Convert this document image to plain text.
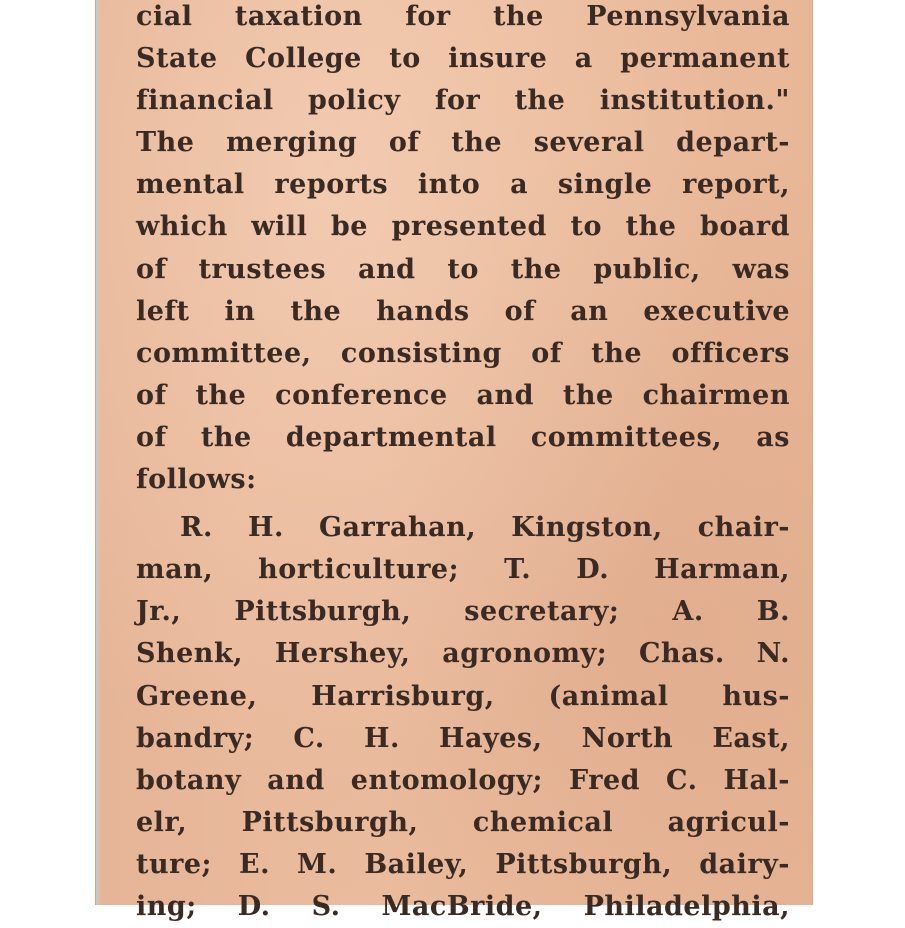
cial taxation for the Pennsylvania
State College to insure a permanent
financial policy for the institution."
The merging of the several depart-
mental reports into a single report,
which will be presented to the board
of trustees and to the public, was
left in the hands of an executive
committee, consisting of the officers
of the conference and the chairmen
of the departmental committees, as
follows:
R. H. Garrahan, Kingston, chair-
man, horticulture; T. D. Harman,
Jr., Pittsburgh, secretary; A. B.
Shenk, Hershey, agronomy; Chas. N.
Greene, Harrisburg, (animal hus-
bandry; C. H. Hayes, North East,
botany and entomology; Fred C. Hal-
elr, Pittsburgh, chemical agricul-
ture; E. M. Bailey, Pittsburgh, dairy-
ing; D. S. MacBride, Philadelphia,
